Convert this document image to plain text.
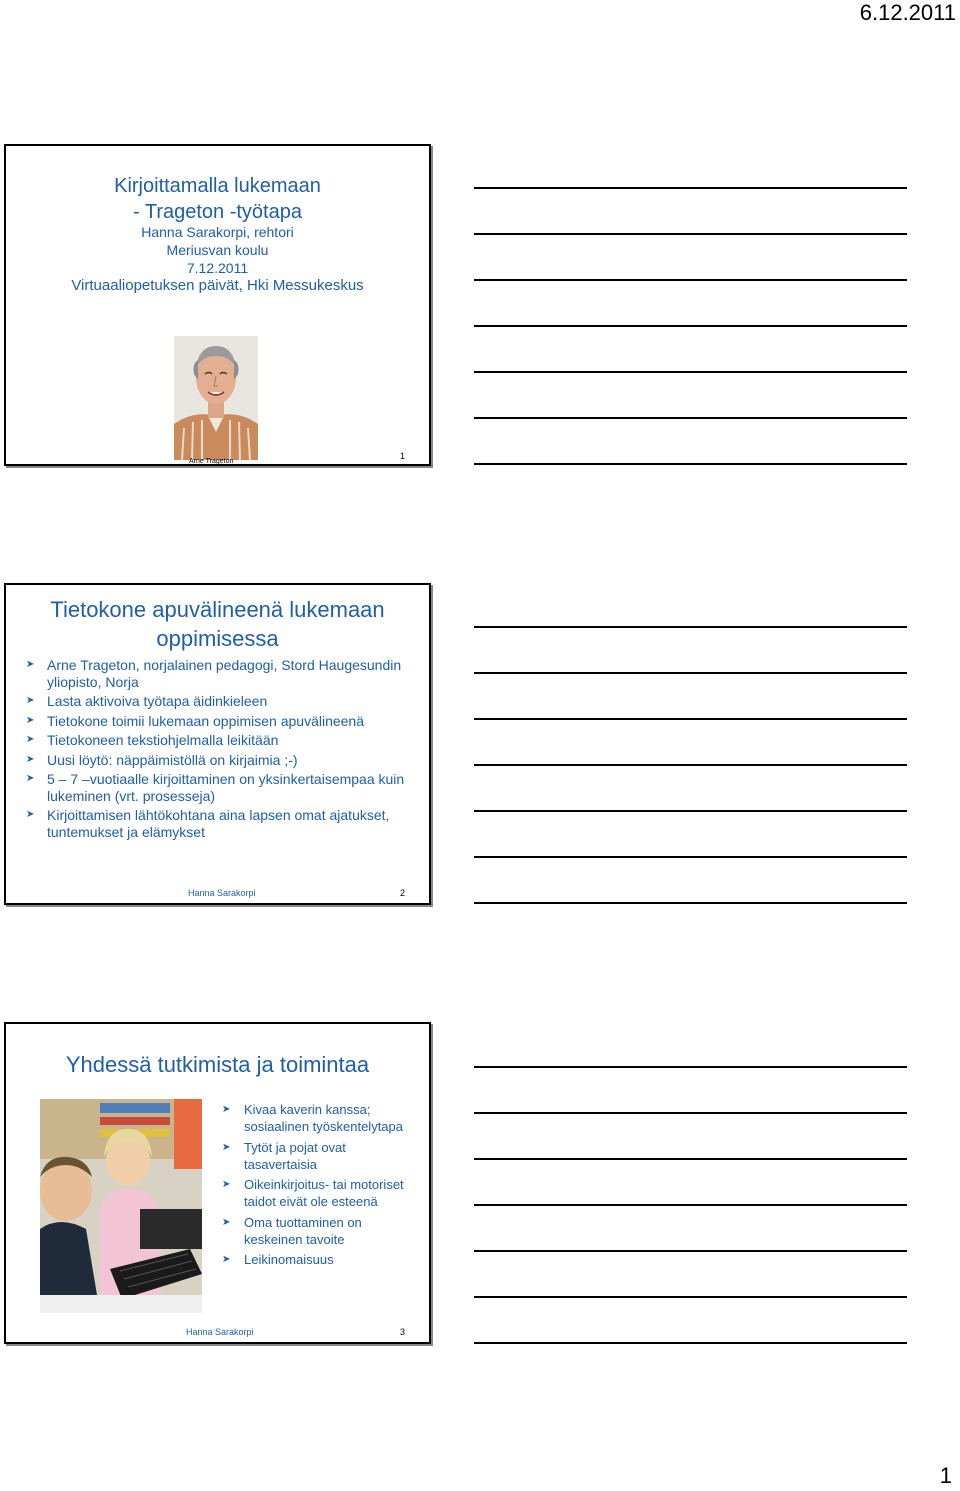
6.12.2011
Kirjoittamalla lukemaan
- Trageton -työtapa
Hanna Sarakorpi, rehtori
Meriusvan koulu
7.12.2011
Virtuaaliopetuksen päivät, Hki Messukeskus
Arne Trageton
1
Tietokone apuvälineenä lukemaan
oppimisessa
➤ Arne Trageton, norjalainen pedagogi, Stord Haugesundin yliopisto, Norja
➤ Lasta aktivoiva työtapa äidinkieleen
➤ Tietokone toimii lukemaan oppimisen apuvälineenä
➤ Tietokoneen tekstiohjelmalla leikitään
➤ Uusi löytö: näppäimistöllä on kirjaimia ;-)
➤ 5 – 7 –vuotiaalle kirjoittaminen on yksinkertaisempaa kuin lukeminen (vrt. prosesseja)
➤ Kirjoittamisen lähtökohtana aina lapsen omat ajatukset, tuntemukset ja elämykset
Hanna Sarakorpi	2
Yhdessä tutkimista ja toimintaa
➤ Kivaa kaverin kanssa; sosiaalinen työskentelytapa
➤ Tytöt ja pojat ovat tasavertaisia
➤ Oikeinkirjoitus- tai motoriset taidot eivät ole esteenä
➤ Oma tuottaminen on keskeinen tavoite
➤ Leikinomaisuus
Hanna Sarakorpi	3
1
